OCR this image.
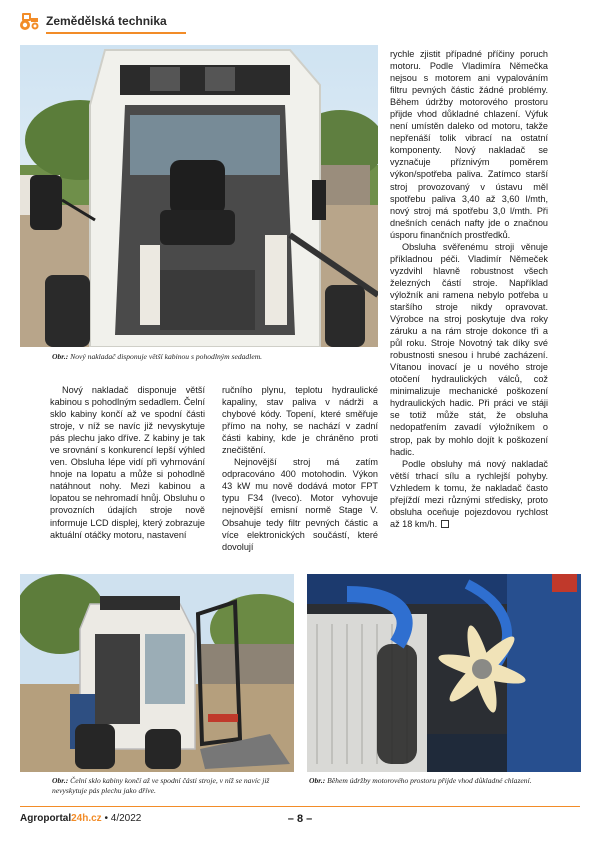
Zemědělská technika
Obr.: Nový nakladač disponuje větší kabinou s pohodlným sedadlem.

Nový nakladač disponuje větší kabinou s pohodlným sedadlem. Čelní sklo kabiny končí až ve spodní části stroje, v níž se navíc již nevyskytuje pás plechu jako dříve. Z kabiny je tak ve srovnání s konkurencí lepší výhled ven. Obsluha lépe vidí při vyhrnování hnoje na lopatu a může si pohodlně natáhnout nohy. Mezi kabinou a lopatou se nehromadí hnůj. Obsluhu o provozních údajích stroje nově informuje LCD displej, který zobrazuje aktuální otáčky motoru, nastavení

ručního plynu, teplotu hydraulické kapaliny, stav paliva v nádrži a chybové kódy. Topení, které směřuje přímo na nohy, se nachází v zadní části kabiny, kde je chráněno proti znečištění.

Nejnovější stroj má zatím odpracováno 400 motohodin. Výkon 43 kW mu nově dodává motor FPT typu F34 (Iveco). Motor vyhovuje nejnovější emisní normě Stage V. Obsahuje tedy filtr pevných částic a více elektronických součástí, které dovolují

rychle zjistit případné příčiny poruch motoru. Podle Vladimíra Němečka nejsou s motorem ani vypalováním filtru pevných částic žádné problémy. Během údržby motorového prostoru přijde vhod důkladné chlazení. Výfuk není umístěn daleko od motoru, takže nepřenáší tolik vibrací na ostatní komponenty. Nový nakladač se vyznačuje příznivým poměrem výkon/spotřeba paliva. Zatímco starší stroj provozovaný v ústavu měl spotřebu paliva 3,40 až 3,60 l/mth, nový stroj má spotřebu 3,0 l/mth. Při dnešních cenách nafty jde o značnou úsporu finančních prostředků.

Obsluha svěřenému stroji věnuje příkladnou péči. Vladimír Němeček vyzdvihl hlavně robustnost všech železných částí stroje. Například výložník ani ramena nebylo potřeba u staršího stroje nikdy opravovat. Výrobce na stroj poskytuje dva roky záruku a na rám stroje dokonce tři a půl roku. Stroje Novotný tak díky své robustnosti snesou i hrubé zacházení. Vítanou inovací je u nového stroje otočení hydraulických válců, což minimalizuje mechanické poškození hydraulických hadic. Při práci ve stáji se totiž může stát, že obsluha nedopatřením zavadí výložníkem o strop, pak by mohlo dojít k poškození hadic.

Podle obsluhy má nový nakladač větší trhací sílu a rychlejší pohyby. Vzhledem k tomu, že nakladač často přejíždí mezi různými středisky, proto obsluha oceňuje pojezdovou rychlost až 18 km/h.

Obr.: Čelní sklo kabiny končí až ve spodní části stroje, v níž se navíc již nevyskytuje pás plechu jako dříve.
Obr.: Během údržby motorového prostoru přijde vhod důkladné chlazení.
Agroportal24h.cz • 4/2022	– 8 –
